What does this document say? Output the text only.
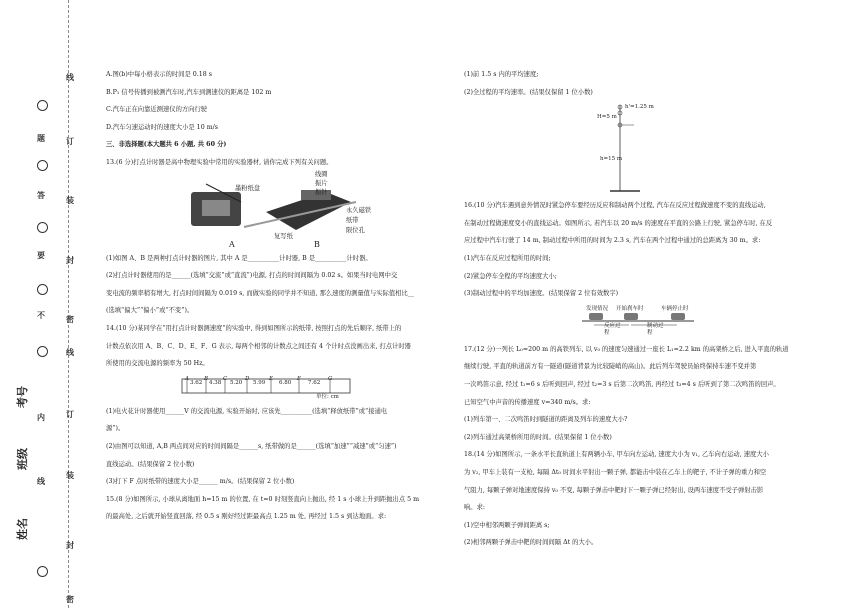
线
订
装
封
密
线
订
装
封
密
题
答
要
不
内
线
考号
班级
姓名

A.图(b)中每小格表示的时间是 0.18 s

B.P₁ 信号传播到被测汽车时,汽车到测速仪的距离是 102 m

C.汽车正在向靠近测速仪的方向行驶

D.汽车匀速运动时的速度大小是 10 m/s

三、非选择题(本大题共 6 小题, 共 60 分)

13.(6 分)打点计时器是高中物理实验中常用的实验器材, 请你完成下列有关问题。

墨粉纸盘
线圈
振片
振针
永久磁铁
限位孔
复写纸
纸带
A	B

(1)如图 A、B 是两种打点计时器的图片, 其中 A 是__________计时器, B 是__________计时器。

(2)打点计时器使用的是______(选填“交流”或“直流”)电源, 打点的时间间隔为 0.02 s。如果当时电网中交

变电流的频率稍有增大, 打点时间间隔为 0.019 s, 而做实验的同学并不知道, 那么速度的测量值与实际值相比__

(选填“偏大”“偏小”或“不变”)。

14.(10 分)某同学在“用打点计时器测速度”的实验中, 得到如图所示的纸带, 按照打点的先后顺序, 纸带上的

计数点依次用 A、B、C、D、E、F、G 表示, 每两个相邻的计数点之间还有 4 个计时点没画出来, 打点计时器

所使用的交流电源的频率为 50 Hz。

A	B	C	D	E	F	G
3.62 4.38 5.20 5.99	6.80	7.62
单位: cm

(1)电火花计时器使用______V 的交流电源, 实验开始时, 应该先__________(选填“释放纸带”或“接通电

源”)。

(2)由图可以知道, A,B 两点间对应的时间间隔是______s, 纸带做的是______(选填“加速”“减速”或“匀速”)

直线运动。(结果保留 2 位小数)

(3)打下 F 点时纸带的速度大小是______ m/s。(结果保留 2 位小数)

15.(8 分)如图所示, 小球从离地面 h=15 m 的位置, 在 t=0 时刻竖直向上抛出, 经 1 s 小球上升到距抛出点 5 m

的最高处, 之后就开始竖直回落, 经 0.5 s 刚好经过距最高点 1.25 m 处, 再经过 1.5 s 到达地面。求:

(1)前 1.5 s 内的平均速度;

(2)全过程的平均速率。(结果仅保留 1 位小数)

h'=1.25 m
H=5 m
h=15 m

16.(10 分)汽车遇到意外情况时紧急停车要经历反应和制动两个过程, 汽车在反应过程做速度不变的直线运动,

在制动过程做速度变小的直线运动。如图所示, 若汽车以 20 m/s 的速度在平直的公路上行驶, 紧急停车时, 在反

应过程中汽车行驶了 14 m, 制动过程中所用的时间为 2.3 s, 汽车在两个过程中通过的总距离为 30 m。求:

(1)汽车在反应过程所用的时间;

(2)紧急停车全程的平均速度大小;

(3)制动过程中的平均加速度。(结果保留 2 位有效数字)

发现情况 开始刹车时	车辆停止时
反应过程
制动过程

17.(12 分)一列长 L₀=200 m 的高铁列车, 以 v₀ 的速度匀速通过一座长 L₁=2.2 km 的高架桥之后, 进入平直的轨道

继续行驶, 平直的轨道前方有一隧道(隧道背景为比较陡峭的高山)。此后列车驾驶员始终保持车速不变并第

一次鸣笛示意, 经过 t₁=6 s 后听到回声, 经过 t₂=3 s 后第二次鸣笛, 再经过 t₃=4 s 后听到了第二次鸣笛的回声。

已知空气中声音的传播速度 v=340 m/s。求:

(1)列车第一、二次鸣笛时到隧道的距离及列车的速度大小?

(2)列车通过高架桥所用的时间。(结果保留 1 位小数)

18.(14 分)如图所示, 一条水平长直轨道上有两辆小车, 甲车向左运动, 速度大小为 v₁, 乙车向右运动, 速度大小

为 v₂, 甲车上装有一支枪, 每隔 Δt₀ 时间水平射出一颗子弹, 都能击中装在乙车上的靶子, 不计子弹的重力和空

气阻力, 每颗子弹对地速度保持 v₀ 不变, 每颗子弹击中靶时下一颗子弹已经射出, 设两车速度不受子弹射击影

响。求:

(1)空中相邻两颗子弹间距离 s;

(2)相邻两颗子弹击中靶的时间间隔 Δt 的大小。
